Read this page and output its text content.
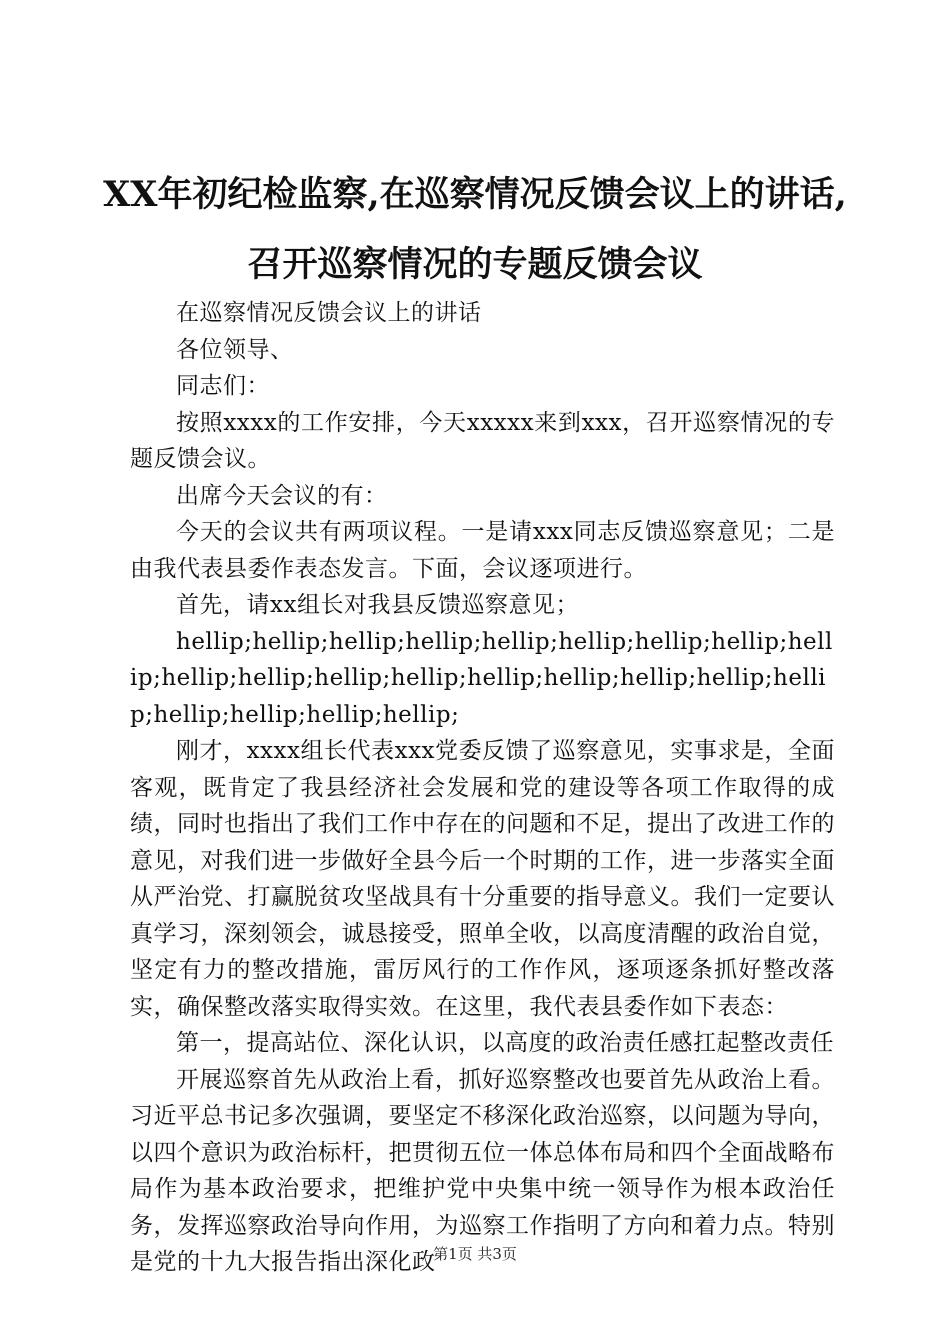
XX年初纪检监察,在巡察情况反馈会议上的讲话,召开巡察情况的专题反馈会议

在巡察情况反馈会议上的讲话

各位领导、

同志们：

按照xxxx的工作安排，今天xxxxx来到xxx，召开巡察情况的专题反馈会议。

出席今天会议的有：

今天的会议共有两项议程。一是请xxx同志反馈巡察意见；二是由我代表县委作表态发言。下面，会议逐项进行。

首先，请xx组长对我县反馈巡察意见；

hellip;hellip;hellip;hellip;hellip;hellip;hellip;hellip;hellip;hellip;hellip;hellip;hellip;hellip;hellip;hellip;hellip;hellip;hellip;hellip;hellip;hellip;

刚才，xxxx组长代表xxx党委反馈了巡察意见，实事求是，全面客观，既肯定了我县经济社会发展和党的建设等各项工作取得的成绩，同时也指出了我们工作中存在的问题和不足，提出了改进工作的意见，对我们进一步做好全县今后一个时期的工作，进一步落实全面从严治党、打赢脱贫攻坚战具有十分重要的指导意义。我们一定要认真学习，深刻领会，诚恳接受，照单全收，以高度清醒的政治自觉，坚定有力的整改措施，雷厉风行的工作作风，逐项逐条抓好整改落实，确保整改落实取得实效。在这里，我代表县委作如下表态：

第一，提高站位、深化认识，以高度的政治责任感扛起整改责任

开展巡察首先从政治上看，抓好巡察整改也要首先从政治上看。习近平总书记多次强调，要坚定不移深化政治巡察，以问题为导向，以四个意识为政治标杆，把贯彻五位一体总体布局和四个全面战略布局作为基本政治要求，把维护党中央集中统一领导作为根本政治任务，发挥巡察政治导向作用，为巡察工作指明了方向和着力点。特别是党的十九大报告指出深化政

第1页 共3页
